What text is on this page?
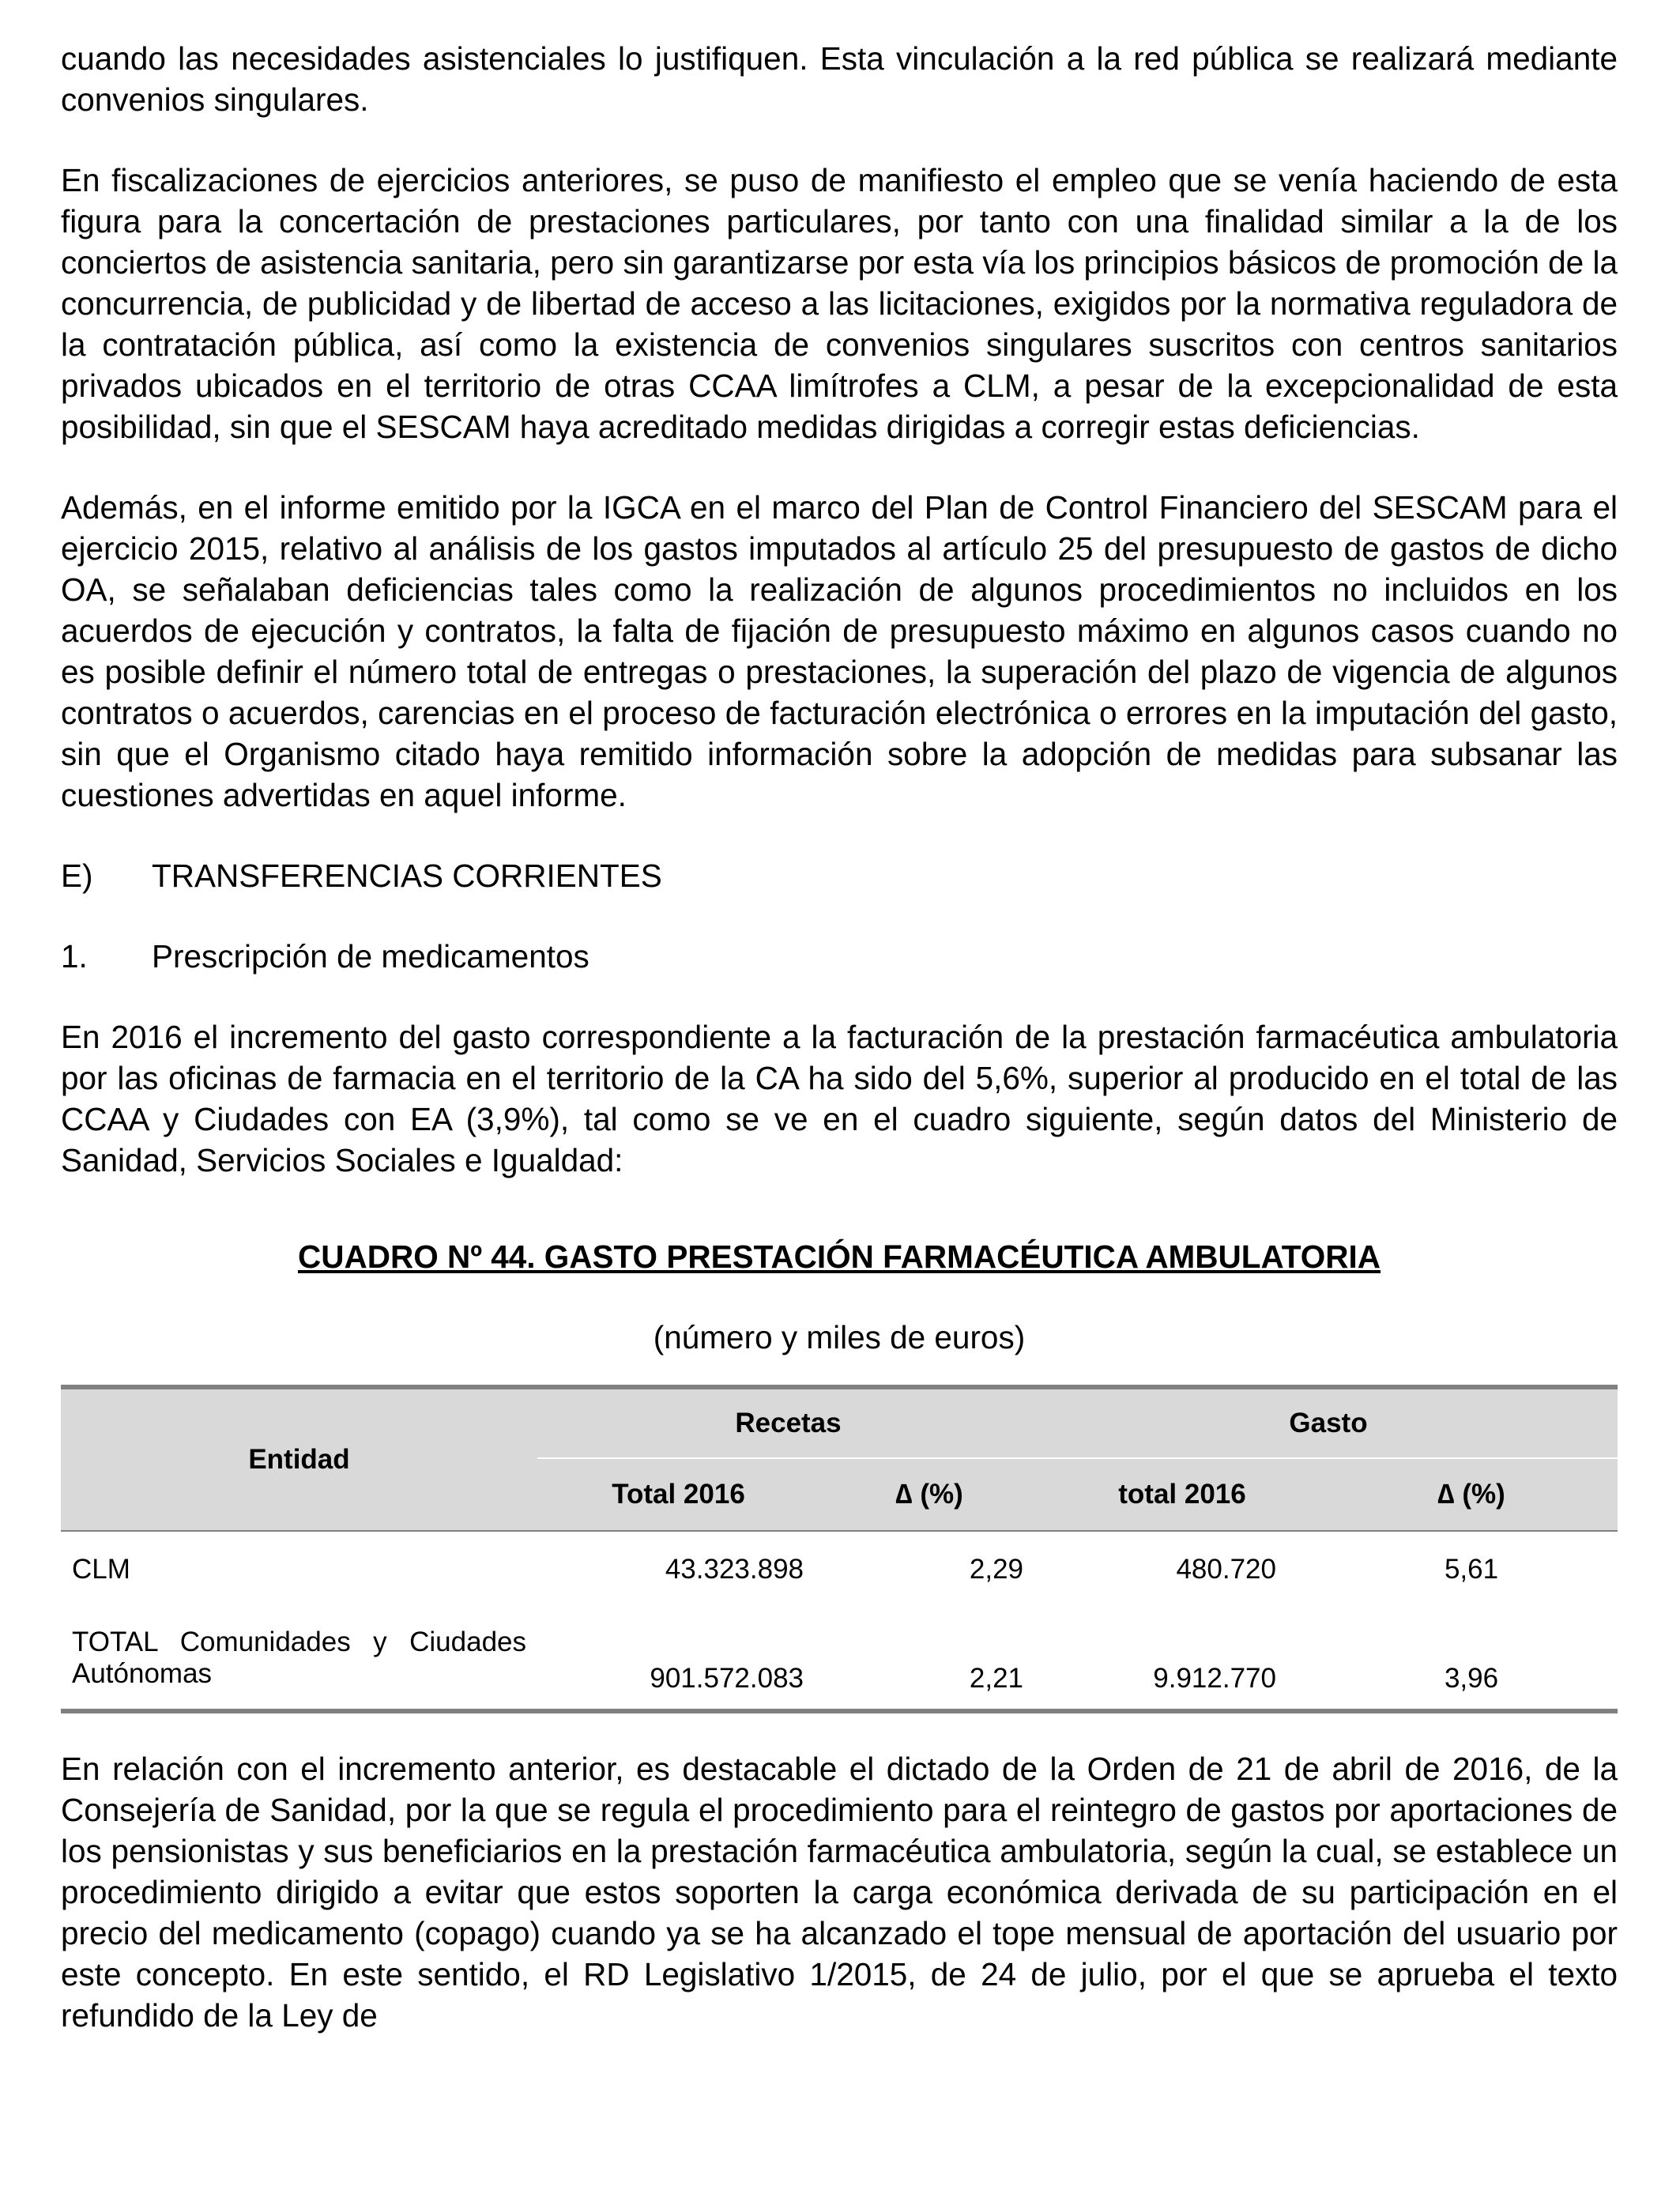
cuando las necesidades asistenciales lo justifiquen. Esta vinculación a la red pública se realizará mediante convenios singulares.

En fiscalizaciones de ejercicios anteriores, se puso de manifiesto el empleo que se venía haciendo de esta figura para la concertación de prestaciones particulares, por tanto con una finalidad similar a la de los conciertos de asistencia sanitaria, pero sin garantizarse por esta vía los principios básicos de promoción de la concurrencia, de publicidad y de libertad de acceso a las licitaciones, exigidos por la normativa reguladora de la contratación pública, así como la existencia de convenios singulares suscritos con centros sanitarios privados ubicados en el territorio de otras CCAA limítrofes a CLM, a pesar de la excepcionalidad de esta posibilidad, sin que el SESCAM haya acreditado medidas dirigidas a corregir estas deficiencias.

Además, en el informe emitido por la IGCA en el marco del Plan de Control Financiero del SESCAM para el ejercicio 2015, relativo al análisis de los gastos imputados al artículo 25 del presupuesto de gastos de dicho OA, se señalaban deficiencias tales como la realización de algunos procedimientos no incluidos en los acuerdos de ejecución y contratos, la falta de fijación de presupuesto máximo en algunos casos cuando no es posible definir el número total de entregas o prestaciones, la superación del plazo de vigencia de algunos contratos o acuerdos, carencias en el proceso de facturación electrónica o errores en la imputación del gasto, sin que el Organismo citado haya remitido información sobre la adopción de medidas para subsanar las cuestiones advertidas en aquel informe.

E)	TRANSFERENCIAS CORRIENTES
1.	Prescripción de medicamentos

En 2016 el incremento del gasto correspondiente a la facturación de la prestación farmacéutica ambulatoria por las oficinas de farmacia en el territorio de la CA ha sido del 5,6%, superior al producido en el total de las CCAA y Ciudades con EA (3,9%), tal como se ve en el cuadro siguiente, según datos del Ministerio de Sanidad, Servicios Sociales e Igualdad:

CUADRO Nº 44. GASTO PRESTACIÓN FARMACÉUTICA AMBULATORIA
(número y miles de euros)
Entidad	Recetas		Gasto	
	Total 2016	∆ (%)	total 2016	∆ (%)
CLM	43.323.898	2,29	480.720	5,61
TOTAL Comunidades y Ciudades Autónomas	901.572.083	2,21	9.912.770	3,96

En relación con el incremento anterior, es destacable el dictado de la Orden de 21 de abril de 2016, de la Consejería de Sanidad, por la que se regula el procedimiento para el reintegro de gastos por aportaciones de los pensionistas y sus beneficiarios en la prestación farmacéutica ambulatoria, según la cual, se establece un procedimiento dirigido a evitar que estos soporten la carga económica derivada de su participación en el precio del medicamento (copago) cuando ya se ha alcanzado el tope mensual de aportación del usuario por este concepto. En este sentido, el RD Legislativo 1/2015, de 24 de julio, por el que se aprueba el texto refundido de la Ley de
